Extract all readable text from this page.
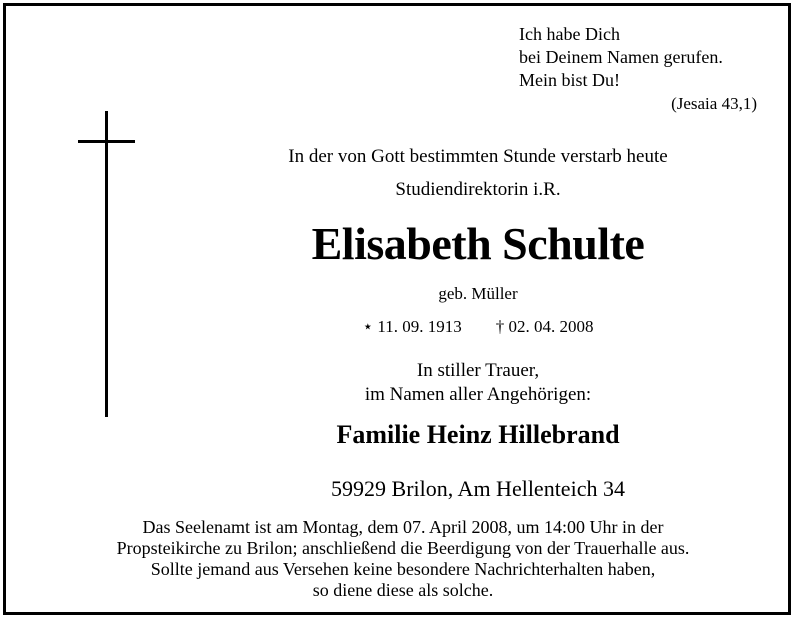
Ich habe Dich
bei Deinem Namen gerufen.
Mein bist Du!
(Jesaia 43,1)
In der von Gott bestimmten Stunde verstarb heute
Studiendirektorin i.R.
Elisabeth Schulte
geb. Müller
⋆ 11. 09. 1913 † 02. 04. 2008
In stiller Trauer,
im Namen aller Angehörigen:
Familie Heinz Hillebrand
59929 Brilon, Am Hellenteich 34
Das Seelenamt ist am Montag, dem 07. April 2008, um 14:00 Uhr in der
Propsteikirche zu Brilon; anschließend die Beerdigung von der Trauerhalle aus.
Sollte jemand aus Versehen keine besondere Nachrichterhalten haben,
so diene diese als solche.
